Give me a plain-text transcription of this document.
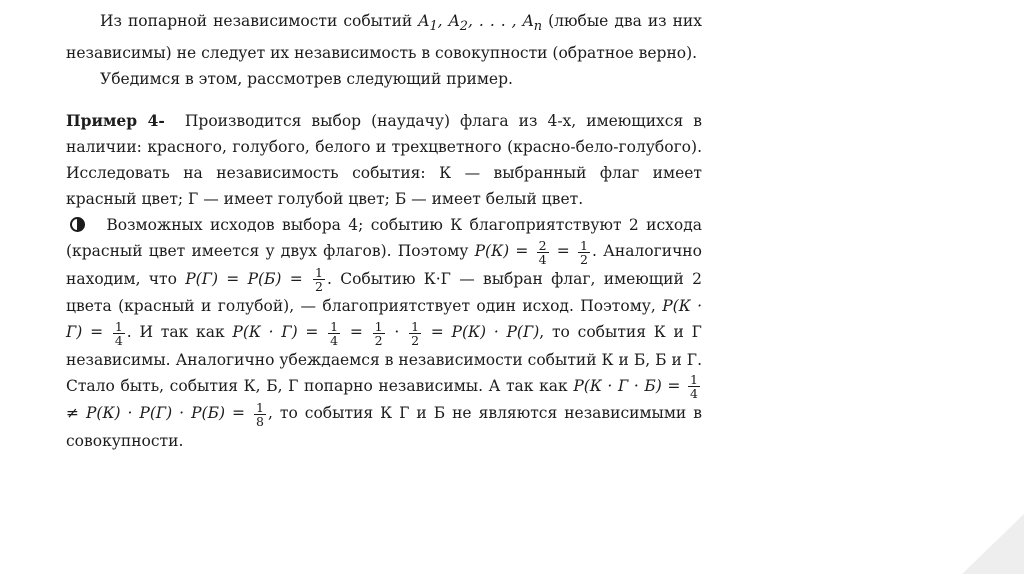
Из попарной независимости событий $A_1$, $A_2$, . . . , $A_n$ (любые два из них независимы) не следует их независимость в совокупности (обратное верно).

Убедимся в этом, рассмотрев следующий пример.

Пример 4- Производится выбор (наудачу) флага из 4-х, имеющихся в наличии: красного, голубого, белого и трехцветного (красно-бело-голубого). Исследовать на независимость события: К — выбранный флаг имеет красный цвет; Г — имеет голубой цвет; Б — имеет белый цвет.

Возможных исходов выбора 4; событию К благоприятствуют 2 исхода (красный цвет имеется у двух флагов). Поэтому $P(К) = \frac{2}{4} = \frac{1}{2}$ . Аналогично находим, что $P(Г) = P(Б) = \frac{1}{2}$ . Событию К·Г — выбран флаг, имеющий 2 цвета (красный и голубой), — благоприятствует один исход. Поэтому, $P(К \cdot Г) = \frac{1}{4}$ . И так как $P(К \cdot Г) = \frac{1}{4} = \frac{1}{2} \cdot \frac{1}{2} = P(К) \cdot P(Г)$, то события К и Г независимы. Аналогично убеждаемся в независимости событий К и Б, Б и Г. Стало быть, события К, Б, Г попарно независимы. А так как $P(К \cdot Г \cdot Б) = \frac{1}{4}$
≠ $P(К) \cdot P(Г) \cdot P(Б) = \frac{1}{8}$ , то события К Г и Б не являются независимыми в совокупности.
